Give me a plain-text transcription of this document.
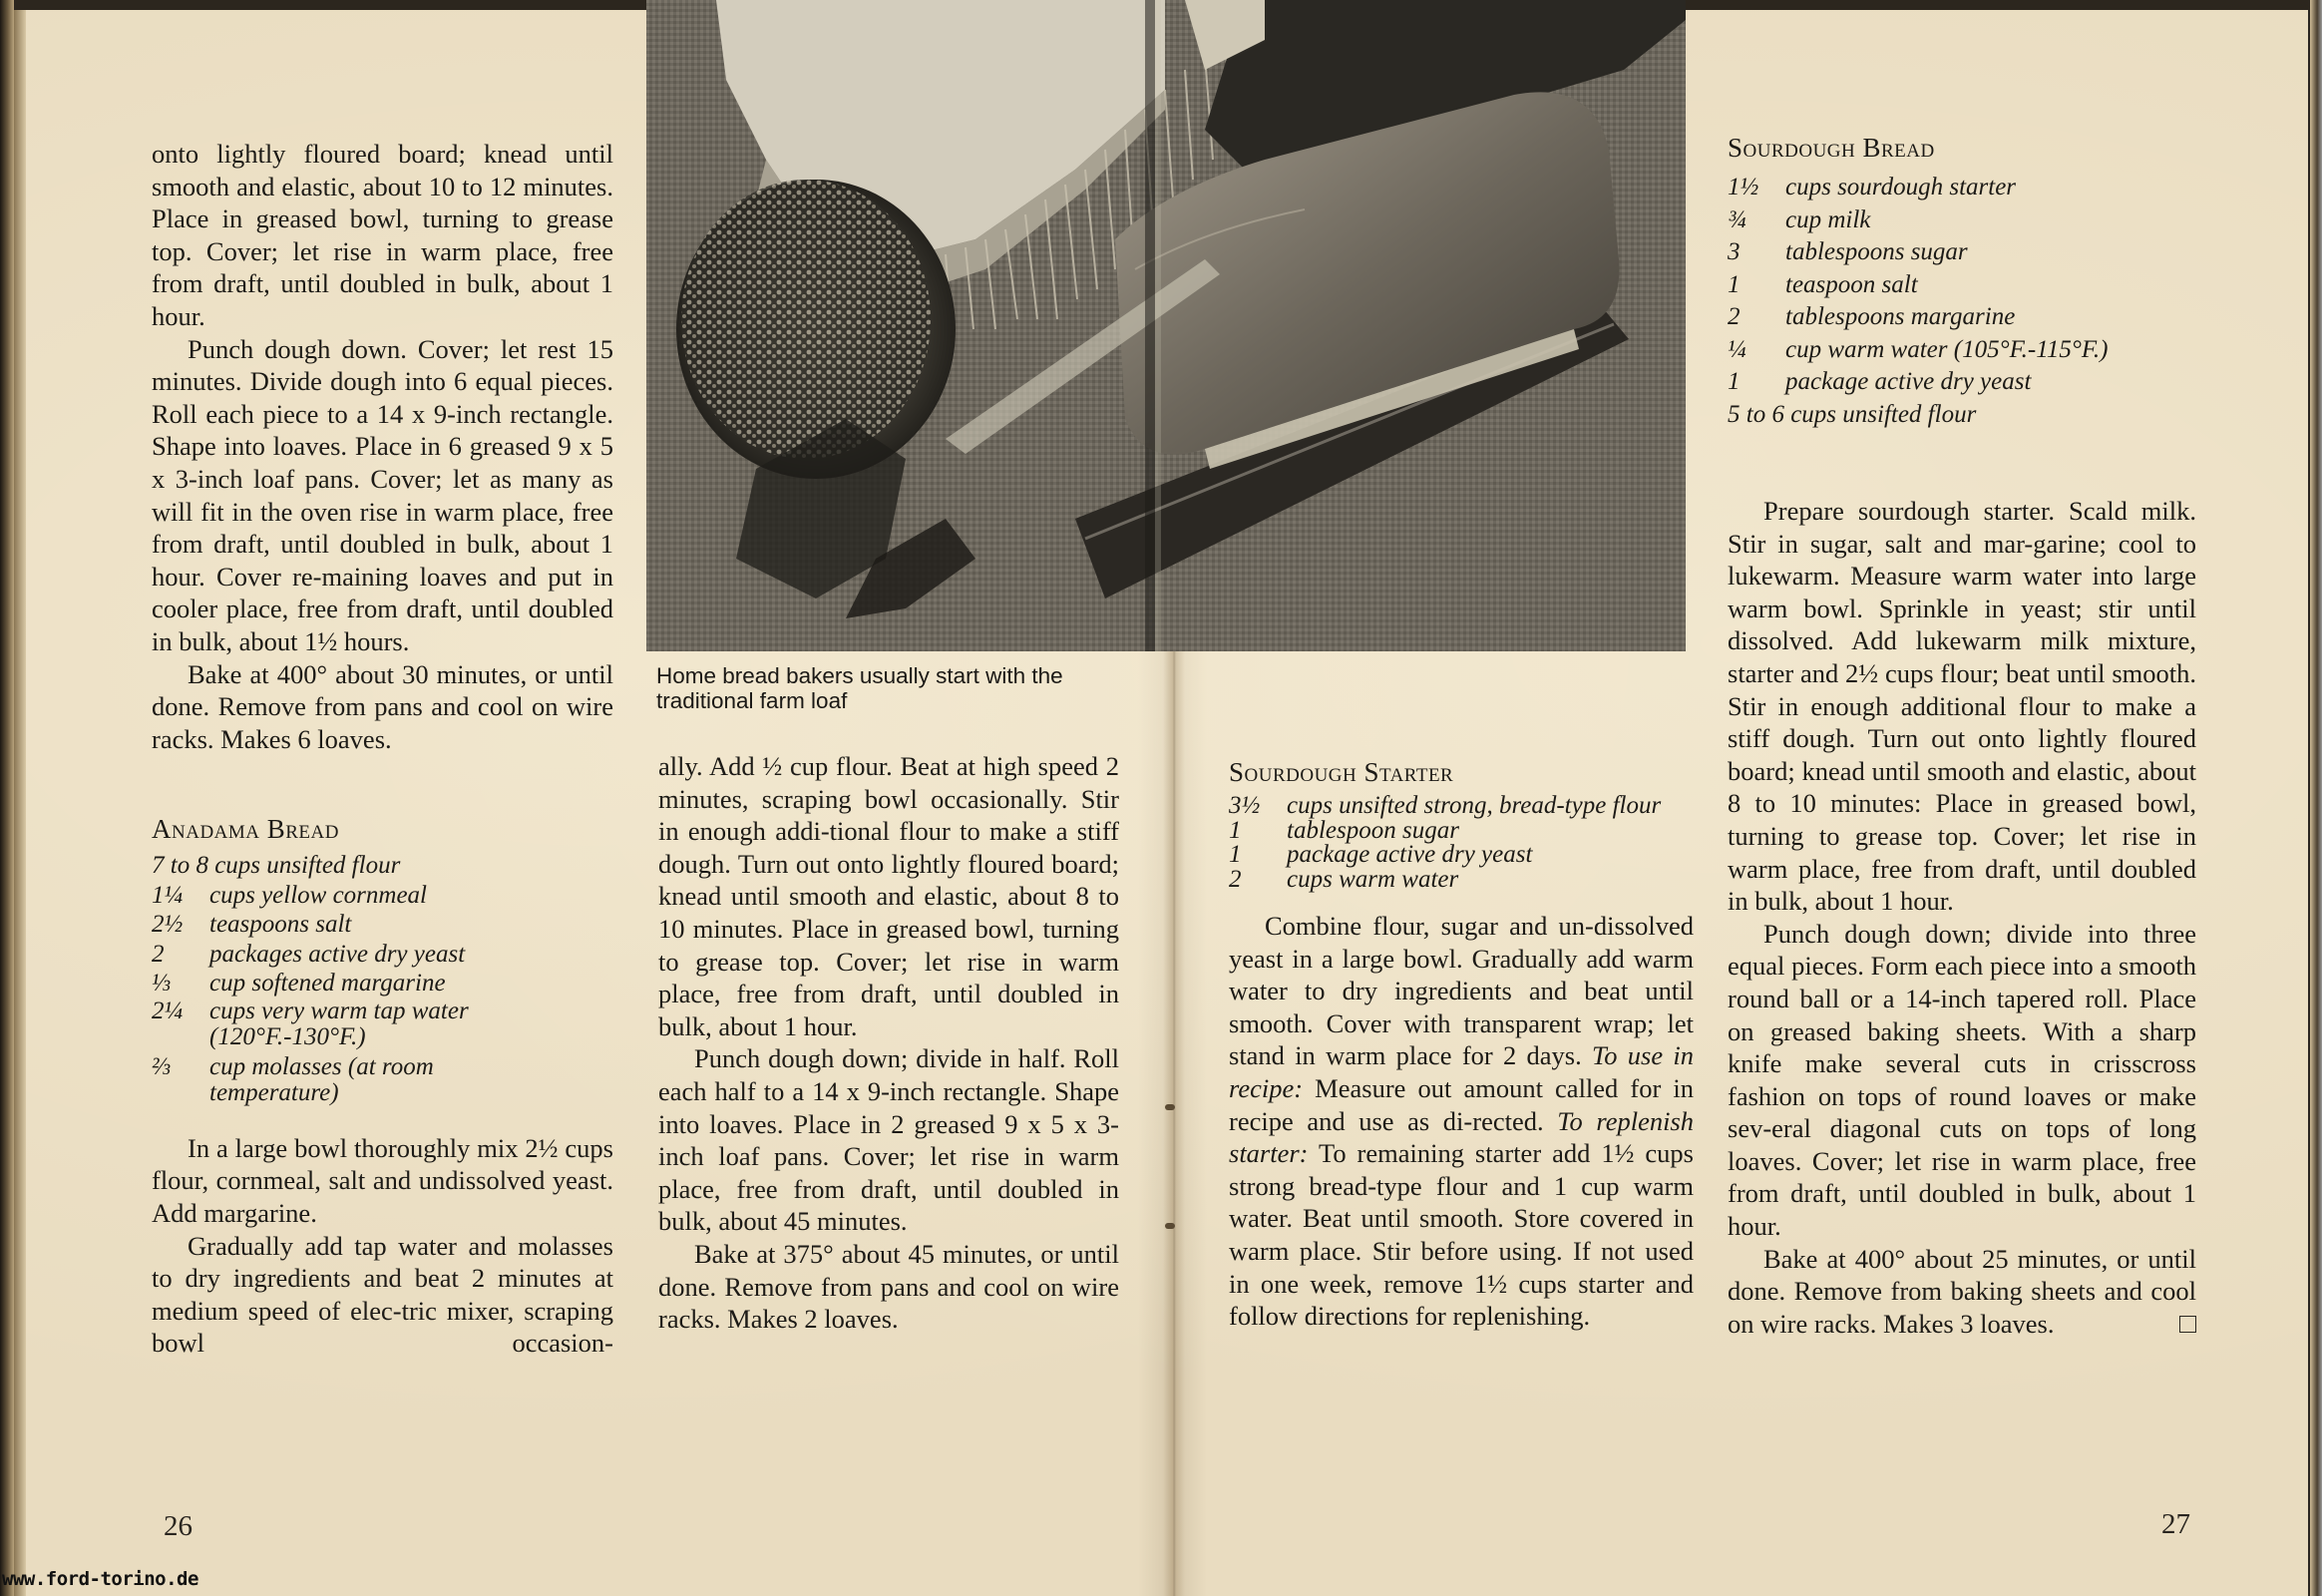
onto lightly floured board; knead until smooth and elastic, about 10 to 12 minutes. Place in greased bowl, turning to grease top. Cover; let rise in warm place, free from draft, until doubled in bulk, about 1 hour.

Punch dough down. Cover; let rest 15 minutes. Divide dough into 6 equal pieces. Roll each piece to a 14 x 9-inch rectangle. Shape into loaves. Place in 6 greased 9 x 5 x 3-inch loaf pans. Cover; let as many as will fit in the oven rise in warm place, free from draft, until doubled in bulk, about 1 hour. Cover re-maining loaves and put in cooler place, free from draft, until doubled in bulk, about 1½ hours.

Bake at 400° about 30 minutes, or until done. Remove from pans and cool on wire racks. Makes 6 loaves.

Anadama Bread
7 to 8 cups unsifted flour
1¼	cups yellow cornmeal
2½	teaspoons salt
2	packages active dry yeast
⅓	cup softened margarine
2¼	cups very warm tap water (120°F.-130°F.)
⅔	cup molasses (at room temperature)

In a large bowl thoroughly mix 2½ cups flour, cornmeal, salt and undissolved yeast. Add margarine.

Gradually add tap water and molasses to dry ingredients and beat 2 minutes at medium speed of elec-tric mixer, scraping bowl occasion-

26
Home bread bakers usually start with the traditional farm loaf

ally. Add ½ cup flour. Beat at high speed 2 minutes, scraping bowl occasionally. Stir in enough addi-tional flour to make a stiff dough. Turn out onto lightly floured board; knead until smooth and elastic, about 8 to 10 minutes. Place in greased bowl, turning to grease top. Cover; let rise in warm place, free from draft, until doubled in bulk, about 1 hour.

Punch dough down; divide in half. Roll each half to a 14 x 9-inch rectangle. Shape into loaves. Place in 2 greased 9 x 5 x 3-inch loaf pans. Cover; let rise in warm place, free from draft, until doubled in bulk, about 45 minutes.

Bake at 375° about 45 minutes, or until done. Remove from pans and cool on wire racks. Makes 2 loaves.

Sourdough Starter
3½	cups unsifted strong, bread-type flour
1	tablespoon sugar
1	package active dry yeast
2	cups warm water

Combine flour, sugar and un-dissolved yeast in a large bowl. Gradually add warm water to dry ingredients and beat until smooth. Cover with transparent wrap; let stand in warm place for 2 days. To use in recipe: Measure out amount called for in recipe and use as di-rected. To replenish starter: To remaining starter add 1½ cups strong bread-type flour and 1 cup warm water. Beat until smooth. Store covered in warm place. Stir before using. If not used in one week, remove 1½ cups starter and follow directions for replenishing.

Sourdough Bread
1½	cups sourdough starter
¾	cup milk
3	tablespoons sugar
1	teaspoon salt
2	tablespoons margarine
¼	cup warm water (105°F.-115°F.)
1	package active dry yeast
5 to 6 cups unsifted flour

Prepare sourdough starter. Scald milk. Stir in sugar, salt and mar-garine; cool to lukewarm. Measure warm water into large warm bowl. Sprinkle in yeast; stir until dissolved. Add lukewarm milk mixture, starter and 2½ cups flour; beat until smooth. Stir in enough additional flour to make a stiff dough. Turn out onto lightly floured board; knead until smooth and elastic, about 8 to 10 minutes: Place in greased bowl, turning to grease top. Cover; let rise in warm place, free from draft, until doubled in bulk, about 1 hour.

Punch dough down; divide into three equal pieces. Form each piece into a smooth round ball or a 14-inch tapered roll. Place on greased baking sheets. With a sharp knife make several cuts in crisscross fashion on tops of round loaves or make sev-eral diagonal cuts on tops of long loaves. Cover; let rise in warm place, free from draft, until doubled in bulk, about 1 hour.

Bake at 400° about 25 minutes, or until done. Remove from baking sheets and cool on wire racks. Makes 3 loaves.

27
www.ford-torino.de
